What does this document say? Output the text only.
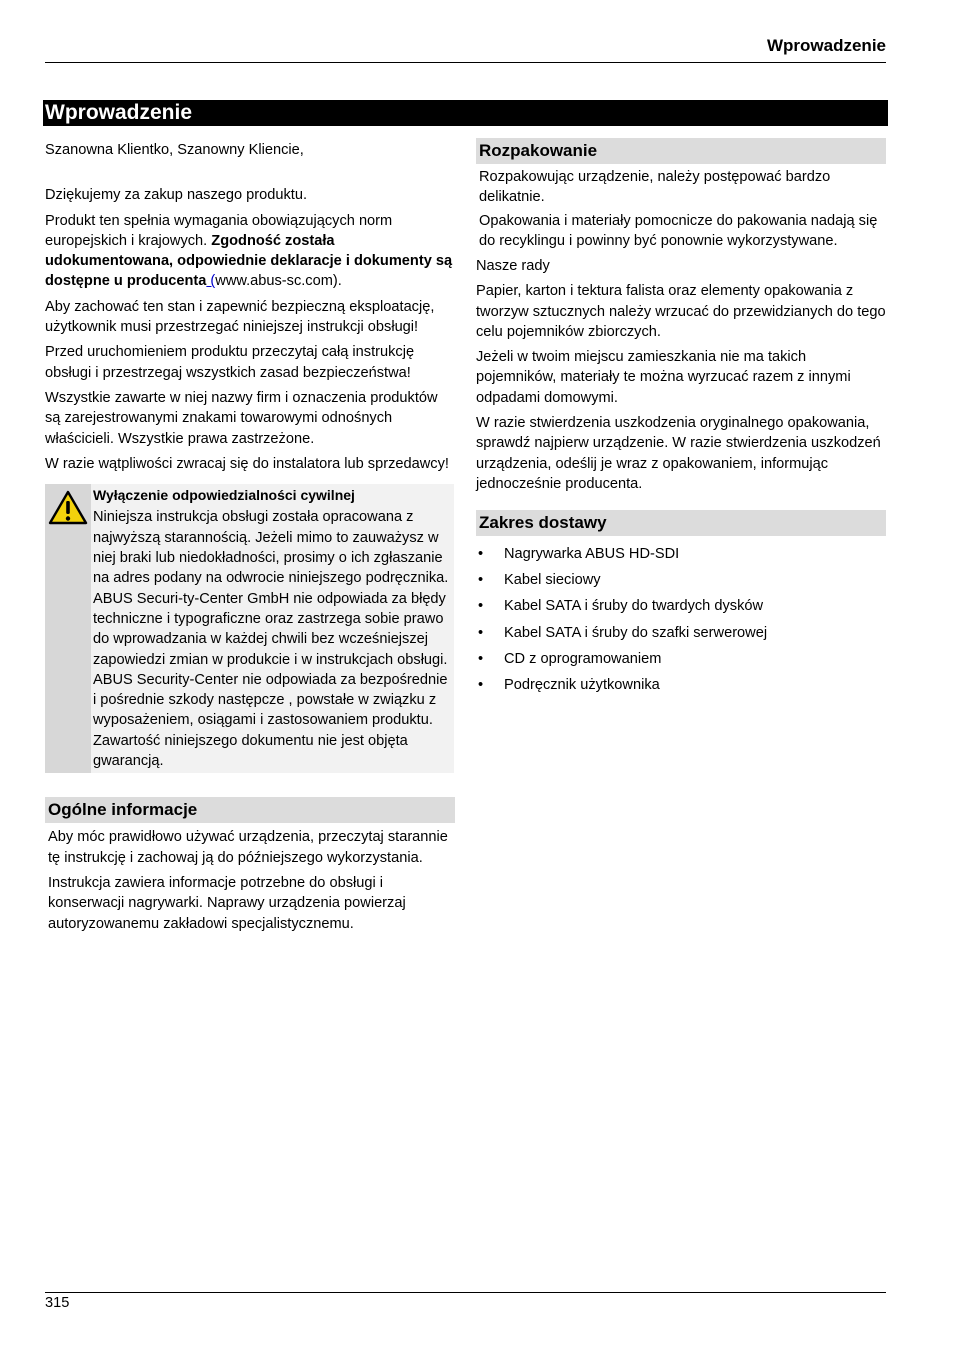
Wprowadzenie
Wprowadzenie

Szanowna Klientko, Szanowny Kliencie,

Dziękujemy za zakup naszego produktu.

Produkt ten spełnia wymagania obowiązujących norm europejskich i krajowych. Zgodność została udokumentowana, odpowiednie deklaracje i dokumenty są dostępne u producenta (www.abus-sc.com).

Aby zachować ten stan i zapewnić bezpieczną eksploatację, użytkownik musi przestrzegać niniejszej instrukcji obsługi!

Przed uruchomieniem produktu przeczytaj całą instrukcję obsługi i przestrzegaj wszystkich zasad bezpieczeństwa!

Wszystkie zawarte w niej nazwy firm i oznaczenia produktów są zarejestrowanymi znakami towarowymi odnośnych właścicieli. Wszystkie prawa zastrzeżone.

W razie wątpliwości zwracaj się do instalatora lub sprzedawcy!

Wyłączenie odpowiedzialności cywilnej
Niniejsza instrukcja obsługi została opracowana z najwyższą starannością. Jeżeli mimo to zauważysz w niej braki lub niedokładności, prosimy o ich zgłaszanie na adres podany na odwrocie niniejszego podręcznika. ABUS Securi-ty-Center GmbH nie odpowiada za błędy techniczne i typograficzne oraz zastrzega sobie prawo do wprowadzania w każdej chwili bez wcześniejszej zapowiedzi zmian w produkcie i w instrukcjach obsługi. ABUS Security-Center nie odpowiada za bezpośrednie i pośrednie szkody następcze , powstałe w związku z wyposażeniem, osiągami i zastosowaniem produktu. Zawartość niniejszego dokumentu nie jest objęta gwarancją.
Ogólne informacje

Aby móc prawidłowo używać urządzenia, przeczytaj starannie tę instrukcję i zachowaj ją do późniejszego wykorzystania.

Instrukcja zawiera informacje potrzebne do obsługi i konserwacji nagrywarki. Naprawy urządzenia powierzaj autoryzowanemu zakładowi specjalistycznemu.

Rozpakowanie

Rozpakowując urządzenie, należy postępować bardzo delikatnie.

Opakowania i materiały pomocnicze do pakowania nadają się do recyklingu i powinny być ponownie wykorzystywane.

Nasze rady

Papier, karton i tektura falista oraz elementy opakowania z tworzyw sztucznych należy wrzucać do przewidzianych do tego celu pojemników zbiorczych.

Jeżeli w twoim miejscu zamieszkania nie ma takich pojemników, materiały te można wyrzucać razem z innymi odpadami domowymi.

W razie stwierdzenia uszkodzenia oryginalnego opakowania, sprawdź najpierw urządzenie. W razie stwierdzenia uszkodzeń urządzenia, odeślij je wraz z opakowaniem, informując jednocześnie producenta.

Zakres dostawy
• Nagrywarka ABUS HD-SDI
• Kabel sieciowy
• Kabel SATA i śruby do twardych dysków
• Kabel SATA i śruby do szafki serwerowej
• CD z oprogramowaniem
• Podręcznik użytkownika
315
